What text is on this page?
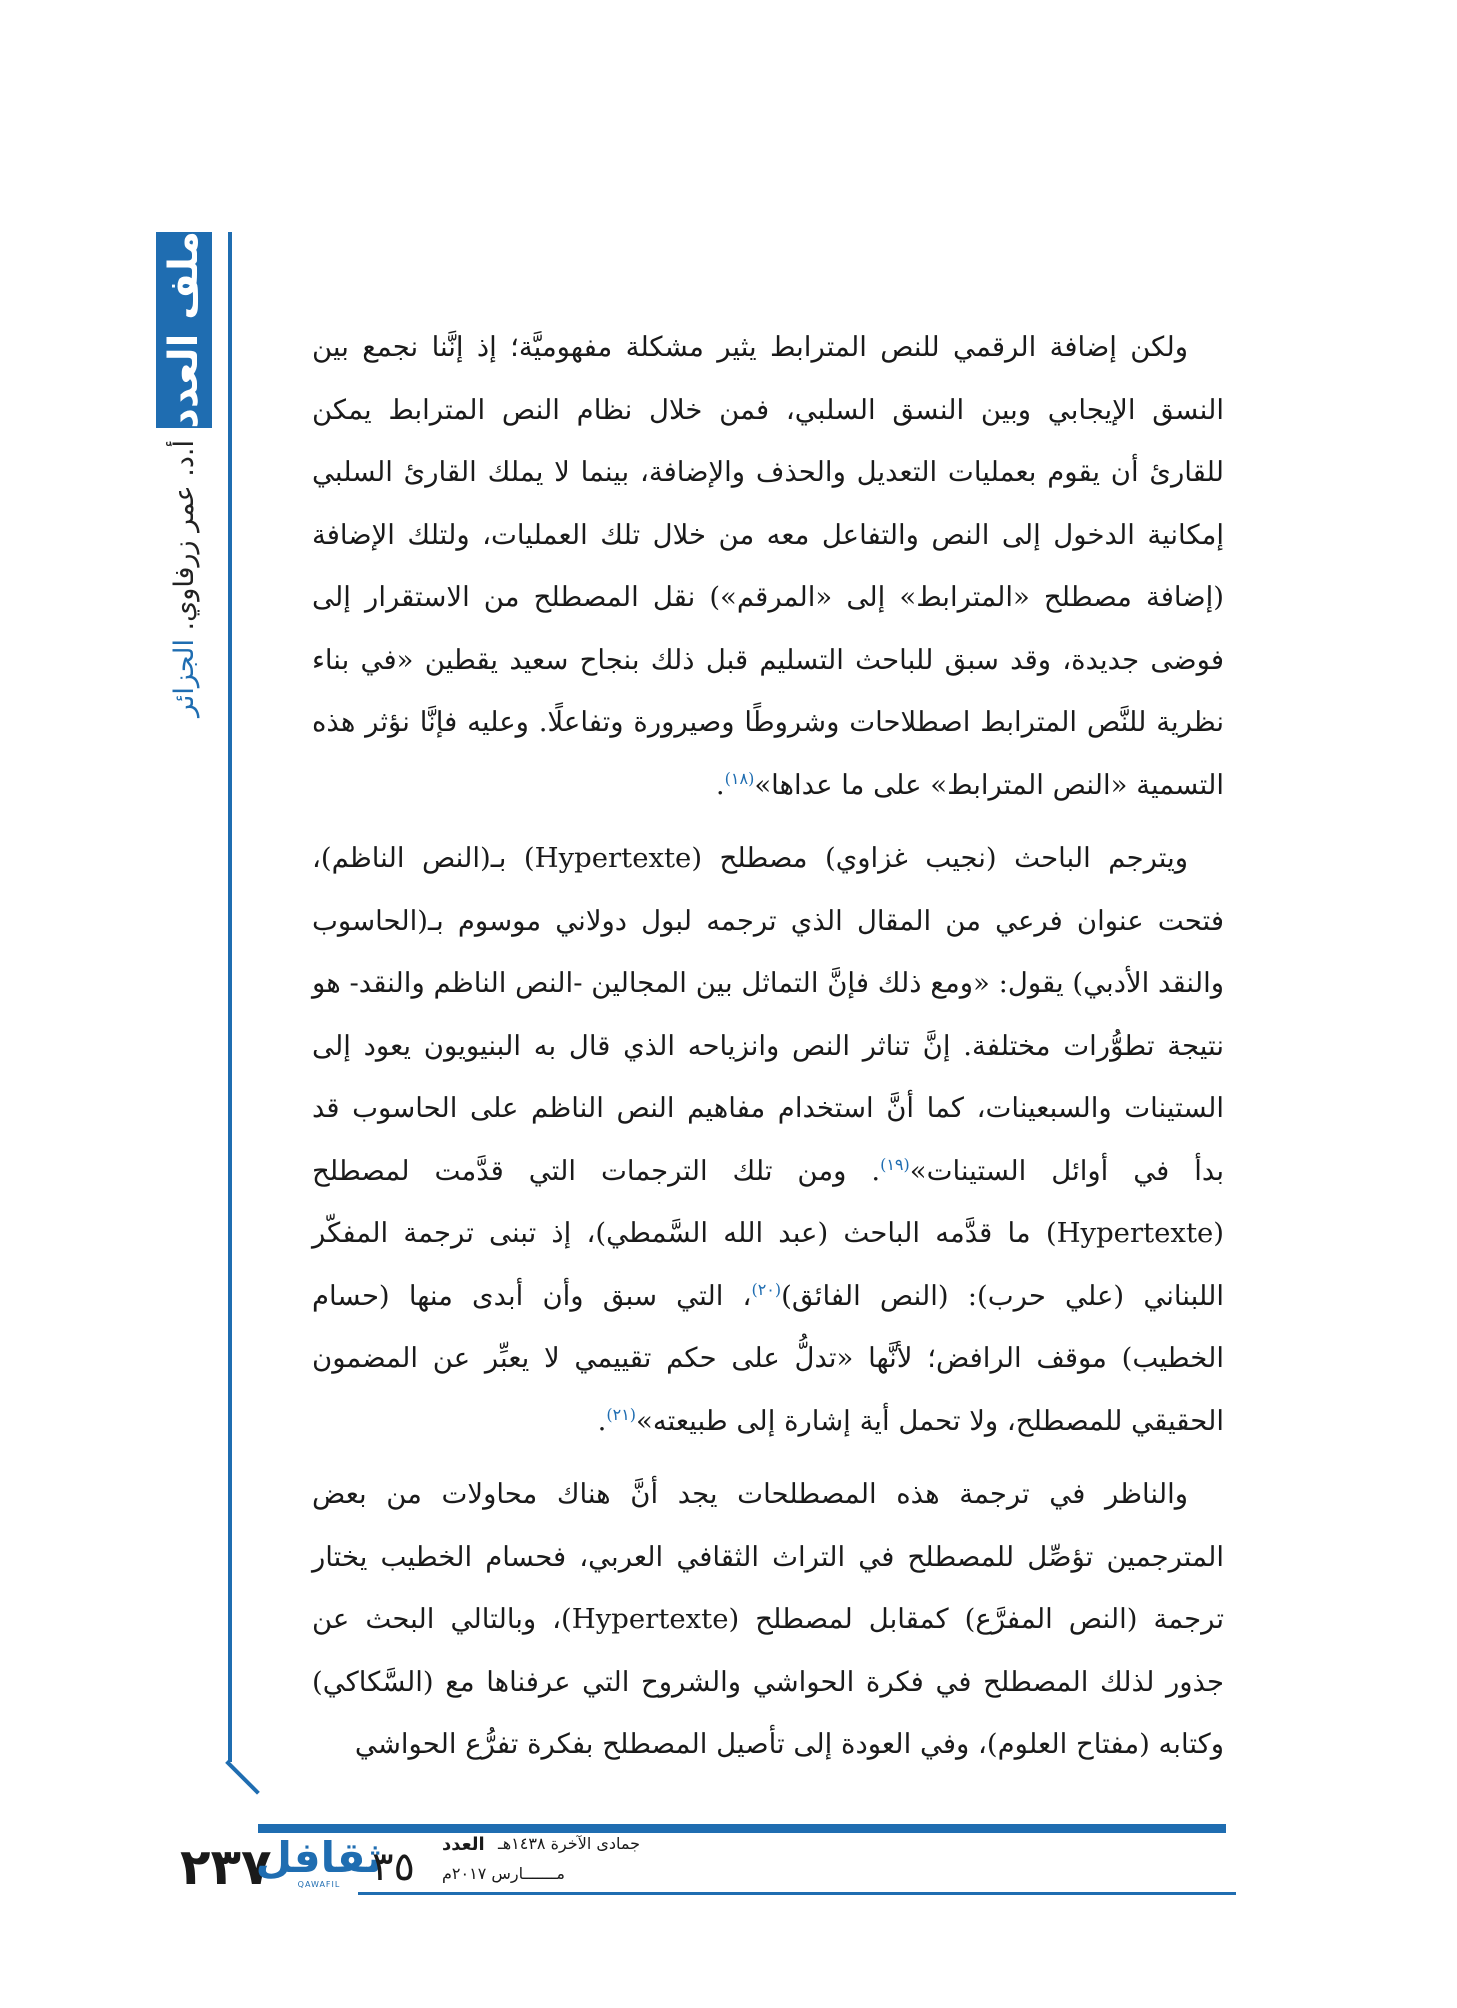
ملف العدد
أ.د. عمر زرفاوي. الجزائر

ولكن إضافة الرقمي للنص المترابط يثير مشكلة مفهوميَّة؛ إذ إنَّنا نجمع بين النسق الإيجابي وبين النسق السلبي، فمن خلال نظام النص المترابط يمكن للقارئ أن يقوم بعمليات التعديل والحذف والإضافة، بينما لا يملك القارئ السلبي إمكانية الدخول إلى النص والتفاعل معه من خلال تلك العمليات، ولتلك الإضافة (إضافة مصطلح «المترابط» إلى «المرقم») نقل المصطلح من الاستقرار إلى فوضى جديدة، وقد سبق للباحث التسليم قبل ذلك بنجاح سعيد يقطين «في بناء نظرية للنَّص المترابط اصطلاحات وشروطًا وصيرورة وتفاعلًا. وعليه فإنَّا نؤثر هذه التسمية «النص المترابط» على ما عداها»$^{(١٨)}$.

ويترجم الباحث (نجيب غزاوي) مصطلح (Hypertexte) بـ(النص الناظم)، فتحت عنوان فرعي من المقال الذي ترجمه لبول دولاني موسوم بـ(الحاسوب والنقد الأدبي) يقول: «ومع ذلك فإنَّ التماثل بين المجالين -النص الناظم والنقد- هو نتيجة تطوُّرات مختلفة. إنَّ تناثر النص وانزياحه الذي قال به البنيويون يعود إلى الستينات والسبعينات، كما أنَّ استخدام مفاهيم النص الناظم على الحاسوب قد بدأ في أوائل الستينات»$^{(١٩)}$. ومن تلك الترجمات التي قدَّمت لمصطلح (Hypertexte) ما قدَّمه الباحث (عبد الله السَّمطي)، إذ تبنى ترجمة المفكّر اللبناني (علي حرب): (النص الفائق)$^{(٢٠)}$، التي سبق وأن أبدى منها (حسام الخطيب) موقف الرافض؛ لأنَّها «تدلُّ على حكم تقييمي لا يعبِّر عن المضمون الحقيقي للمصطلح، ولا تحمل أية إشارة إلى طبيعته»$^{(٢١)}$.

والناظر في ترجمة هذه المصطلحات يجد أنَّ هناك محاولات من بعض المترجمين تؤصِّل للمصطلح في التراث الثقافي العربي، فحسام الخطيب يختار ترجمة (النص المفرَّع) كمقابل لمصطلح (Hypertexte)، وبالتالي البحث عن جذور لذلك المصطلح في فكرة الحواشي والشروح التي عرفناها مع (السَّكاكي) وكتابه (مفتاح العلوم)، وفي العودة إلى تأصيل المصطلح بفكرة تفرُّع الحواشي

٢٣٧
ثقافل
QAWAFIL ٣٥ العدد جمادى الآخرة ١٤٣٨هـ
مـــــــارس ٢٠١٧م
